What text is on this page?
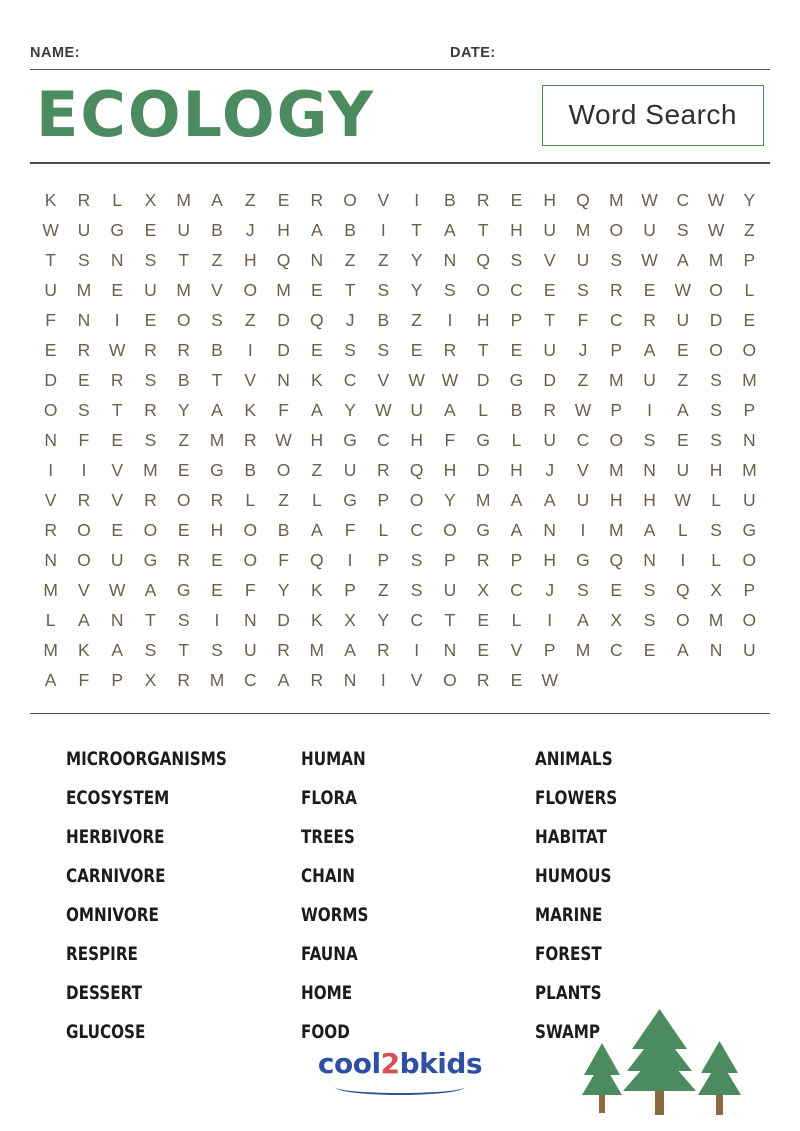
NAME:	DATE:
ECOLOGY	Word Search
K R L X M A Z E R O V I B R E H Q M W C W Y
W U G E U B J H A B I T A T H U M O U S W Z
T S N S T Z H Q N Z Z Y N Q S V U S W A M P
U M E U M V O M E T S Y S O C E S R E W O L
F N I E O S Z D Q J B Z I H P T F C R U D E
E R W R R B I D E S S E R T E U J P A E O O
D E R S B T V N K C V W W D G D Z M U Z S M
O S T R Y A K F A Y W U A L B R W P I A S P
N F E S Z M R W H G C H F G L U C O S E S N
I I V M E G B O Z U R Q H D H J V M N U H M
V R V R O R L Z L G P O Y M A A U H H W L U
R O E O E H O B A F L C O G A N I M A L S G
N O U G R E O F Q I P S P R P H G Q N I L O
M V W A G E F Y K P Z S U X C J S E S Q X P
L A N T S I N D K X Y C T E L I A X S O M O
M K A S T S U R M A R I N E V P M C E A N U
A F P X R M C A R N I V O R E W
MICROORGANISMS
ECOSYSTEM
HERBIVORE
CARNIVORE
OMNIVORE
RESPIRE
DESSERT
GLUCOSE
HUMAN
FLORA
TREES
CHAIN
WORMS
FAUNA
HOME
FOOD
ANIMALS
FLOWERS
HABITAT
HUMOUS
MARINE
FOREST
PLANTS
SWAMP
cool2bkids
